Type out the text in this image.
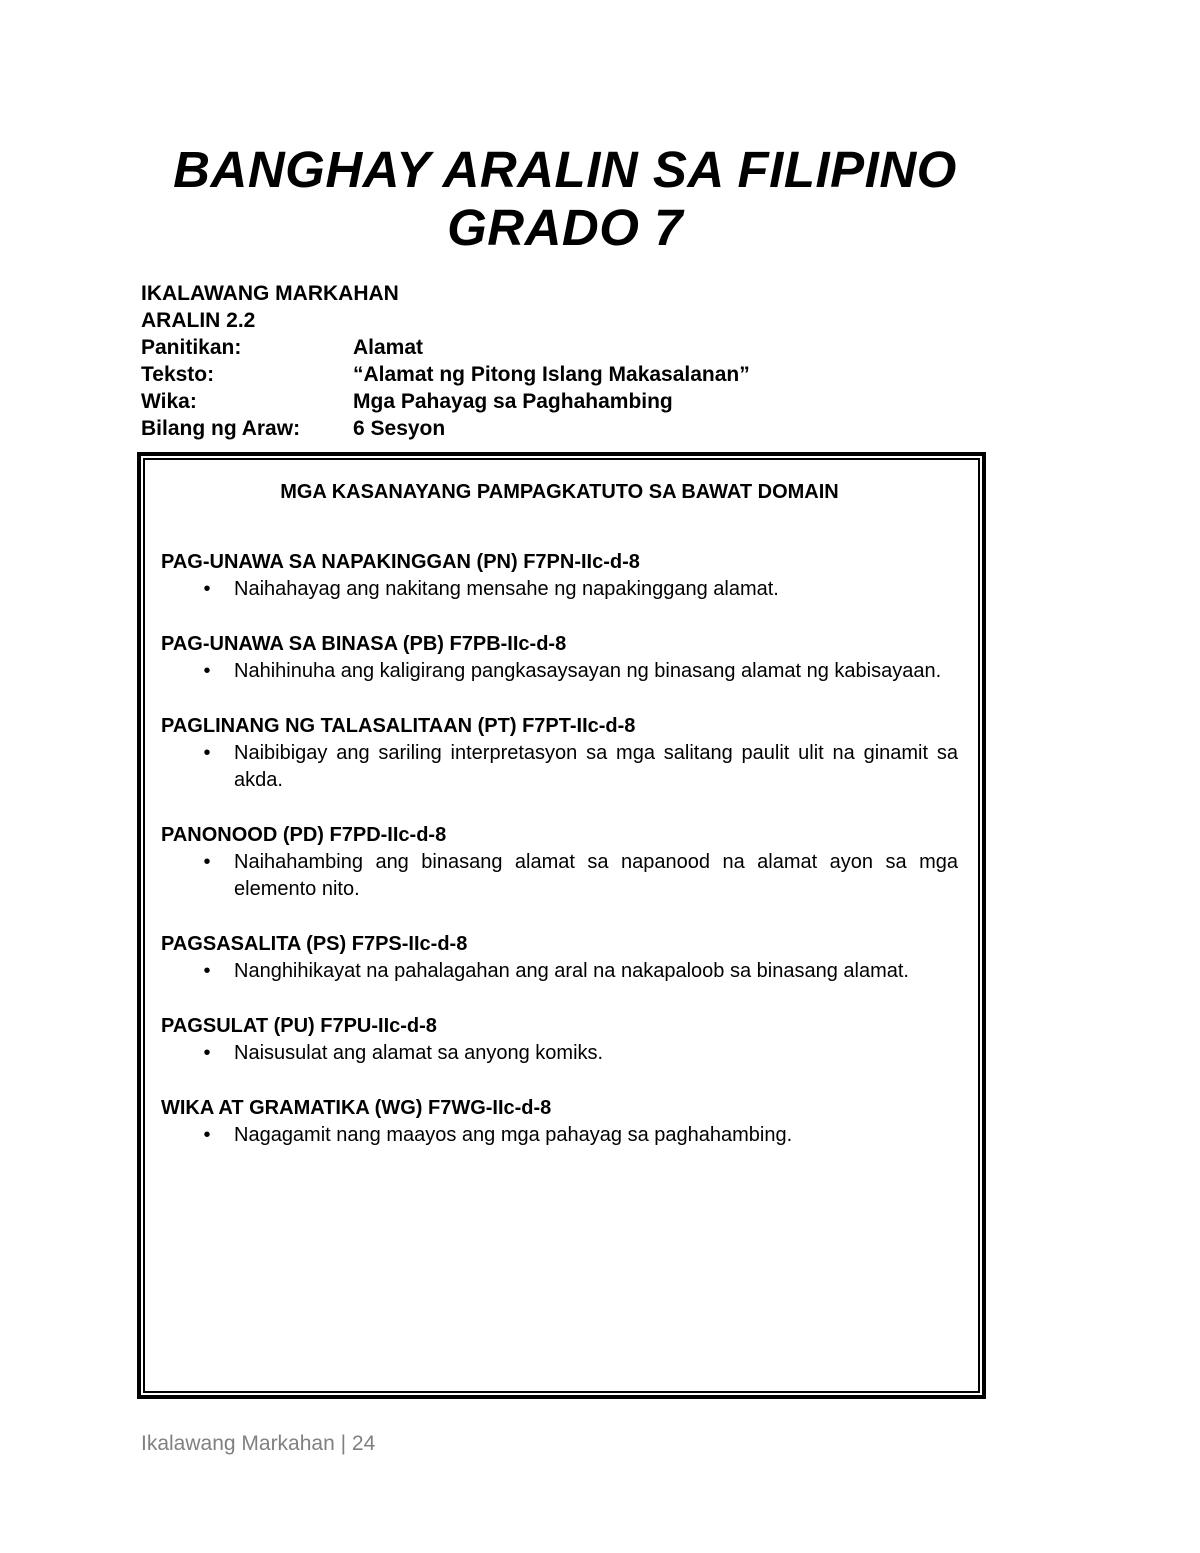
BANGHAY ARALIN SA FILIPINO
GRADO 7
IKALAWANG MARKAHAN
ARALIN 2.2
Panitikan:	Alamat
Teksto:	“Alamat ng Pitong Islang Makasalanan”
Wika:	Mga Pahayag sa Paghahambing
Bilang ng Araw:	6 Sesyon
MGA KASANAYANG PAMPAGKATUTO SA BAWAT DOMAIN
PAG-UNAWA SA NAPAKINGGAN (PN) F7PN-IIc-d-8
•	Naihahayag ang nakitang mensahe ng napakinggang alamat.
PAG-UNAWA SA BINASA (PB) F7PB-IIc-d-8
•	Nahihinuha ang kaligirang pangkasaysayan ng binasang alamat ng kabisayaan.
PAGLINANG NG TALASALITAAN (PT) F7PT-IIc-d-8
•	Naibibigay ang sariling interpretasyon sa mga salitang paulit ulit na ginamit sa akda.
PANONOOD (PD) F7PD-IIc-d-8
•	Naihahambing ang binasang alamat sa napanood na alamat ayon sa mga elemento nito.
PAGSASALITA (PS) F7PS-IIc-d-8
•	Nanghihikayat na pahalagahan ang aral na nakapaloob sa binasang alamat.
PAGSULAT (PU) F7PU-IIc-d-8
•	Naisusulat ang alamat sa anyong komiks.
WIKA AT GRAMATIKA (WG) F7WG-IIc-d-8
•	Nagagamit nang maayos ang mga pahayag sa paghahambing.
Ikalawang Markahan | 24
